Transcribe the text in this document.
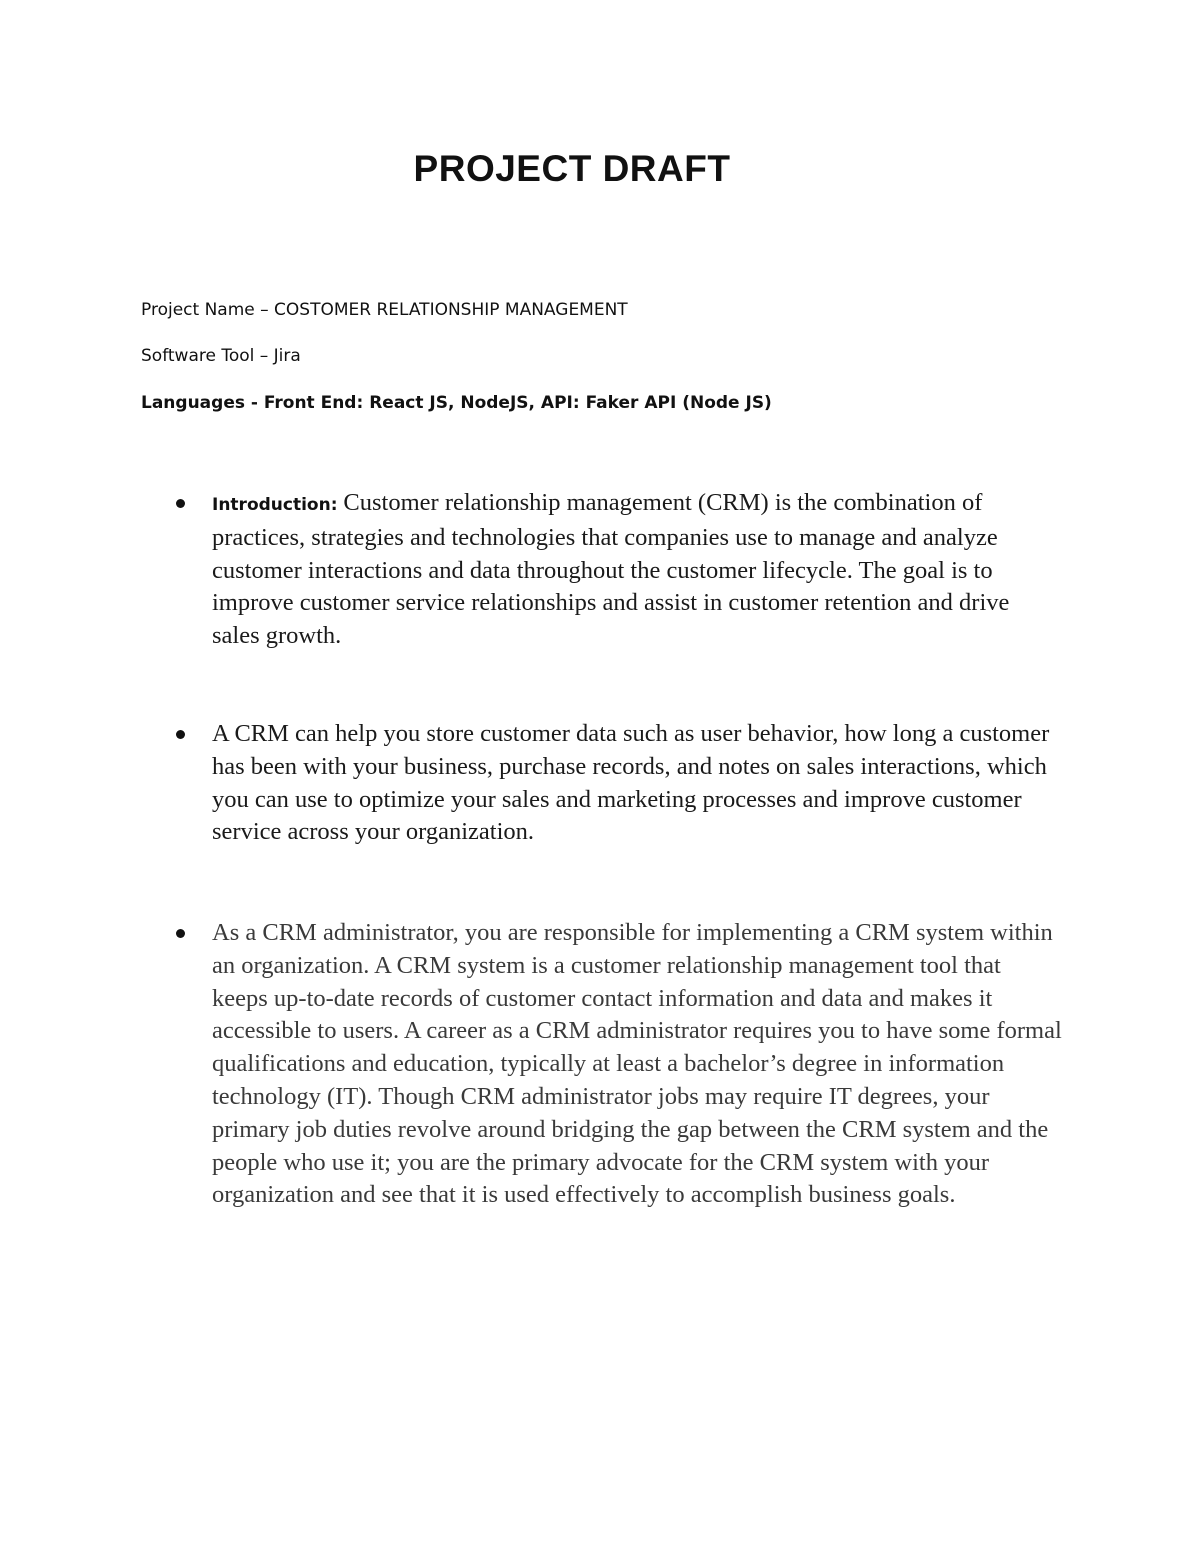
PROJECT DRAFT
Project Name – COSTOMER RELATIONSHIP MANAGEMENT
Software Tool – Jira
Languages - Front End: React JS, NodeJS, API: Faker API (Node JS)
Introduction: Customer relationship management (CRM) is the combination of practices, strategies and technologies that companies use to manage and analyze customer interactions and data throughout the customer lifecycle. The goal is to improve customer service relationships and assist in customer retention and drive sales growth.
A CRM can help you store customer data such as user behavior, how long a customer has been with your business, purchase records, and notes on sales interactions, which you can use to optimize your sales and marketing processes and improve customer service across your organization.
As a CRM administrator, you are responsible for implementing a CRM system within an organization. A CRM system is a customer relationship management tool that keeps up-to-date records of customer contact information and data and makes it accessible to users. A career as a CRM administrator requires you to have some formal qualifications and education, typically at least a bachelor’s degree in information technology (IT). Though CRM administrator jobs may require IT degrees, your primary job duties revolve around bridging the gap between the CRM system and the people who use it; you are the primary advocate for the CRM system with your organization and see that it is used effectively to accomplish business goals.
